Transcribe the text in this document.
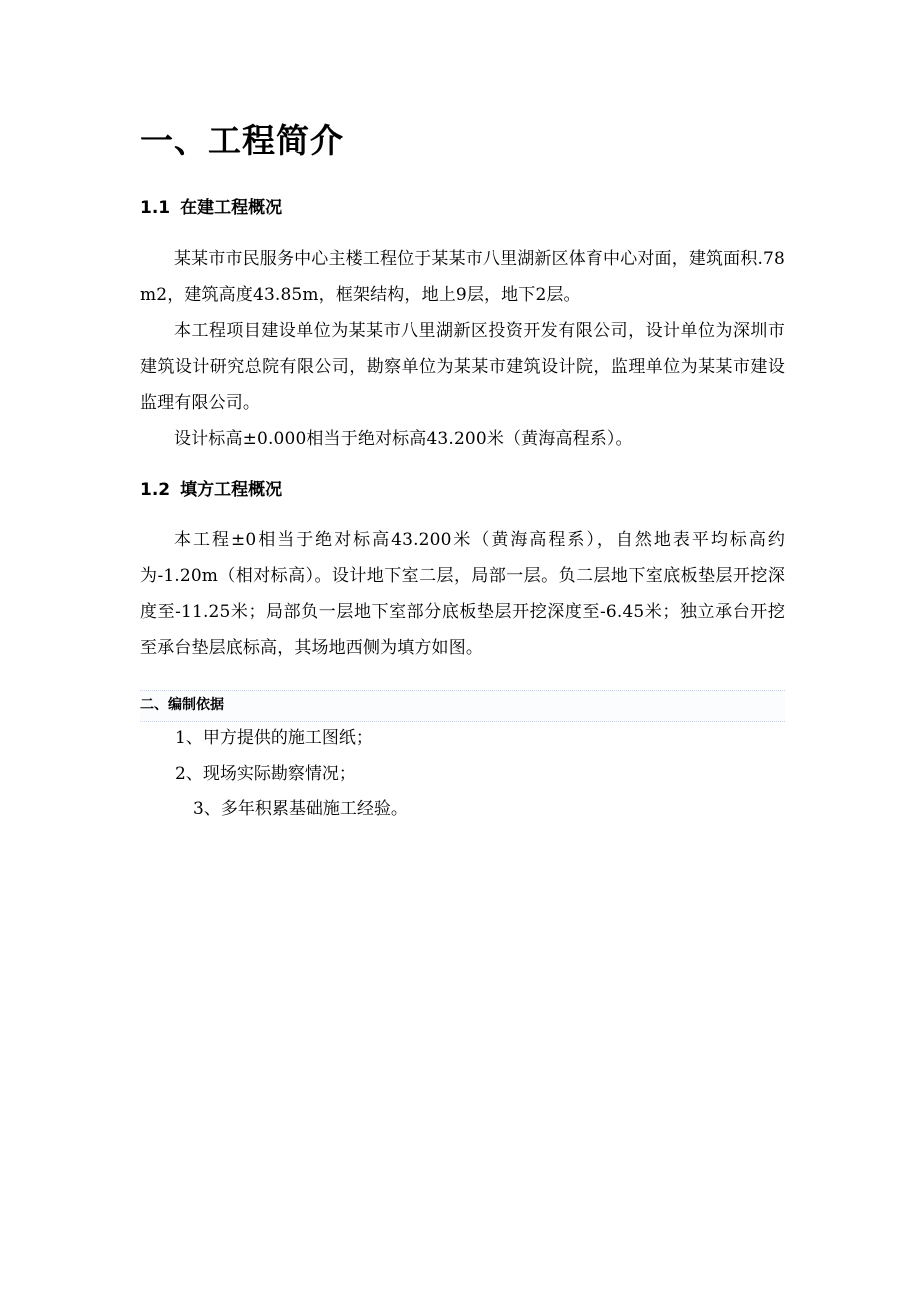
一、工程简介
1.1 在建工程概况
某某市市民服务中心主楼工程位于某某市八里湖新区体育中心对面，建筑面积.78 m2，建筑高度43.85m，框架结构，地上9层，地下2层。
本工程项目建设单位为某某市八里湖新区投资开发有限公司，设计单位为深圳市建筑设计研究总院有限公司，勘察单位为某某市建筑设计院，监理单位为某某市建设监理有限公司。
设计标高±0.000相当于绝对标高43.200米（黄海高程系）。
1.2 填方工程概况
本工程±0相当于绝对标高43.200米（黄海高程系），自然地表平均标高约为-1.20m（相对标高）。设计地下室二层，局部一层。负二层地下室底板垫层开挖深度至-11.25米；局部负一层地下室部分底板垫层开挖深度至-6.45米；独立承台开挖至承台垫层底标高，其场地西侧为填方如图。
二、编制依据
1、甲方提供的施工图纸；
2、现场实际勘察情况；
3、多年积累基础施工经验。
